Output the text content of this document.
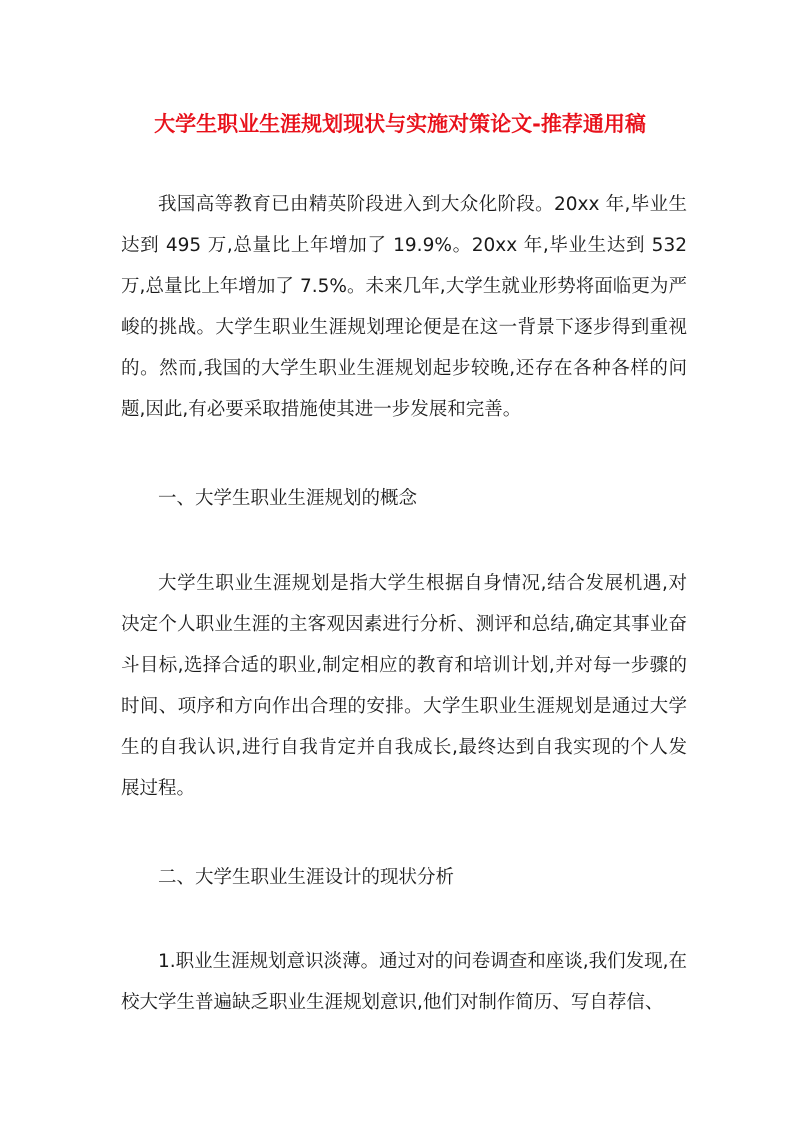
大学生职业生涯规划现状与实施对策论文-推荐通用稿

我国高等教育已由精英阶段进入到大众化阶段。20xx 年,毕业生达到 495 万,总量比上年增加了 19.9%。20xx 年,毕业生达到 532 万,总量比上年增加了 7.5%。未来几年,大学生就业形势将面临更为严峻的挑战。大学生职业生涯规划理论便是在这一背景下逐步得到重视的。然而,我国的大学生职业生涯规划起步较晚,还存在各种各样的问题,因此,有必要采取措施使其进一步发展和完善。

一、大学生职业生涯规划的概念

大学生职业生涯规划是指大学生根据自身情况,结合发展机遇,对决定个人职业生涯的主客观因素进行分析、测评和总结,确定其事业奋斗目标,选择合适的职业,制定相应的教育和培训计划,并对每一步骤的时间、项序和方向作出合理的安排。大学生职业生涯规划是通过大学生的自我认识,进行自我肯定并自我成长,最终达到自我实现的个人发展过程。

二、大学生职业生涯设计的现状分析

1.职业生涯规划意识淡薄。通过对的问卷调查和座谈,我们发现,在校大学生普遍缺乏职业生涯规划意识,他们对制作简历、写自荐信、
